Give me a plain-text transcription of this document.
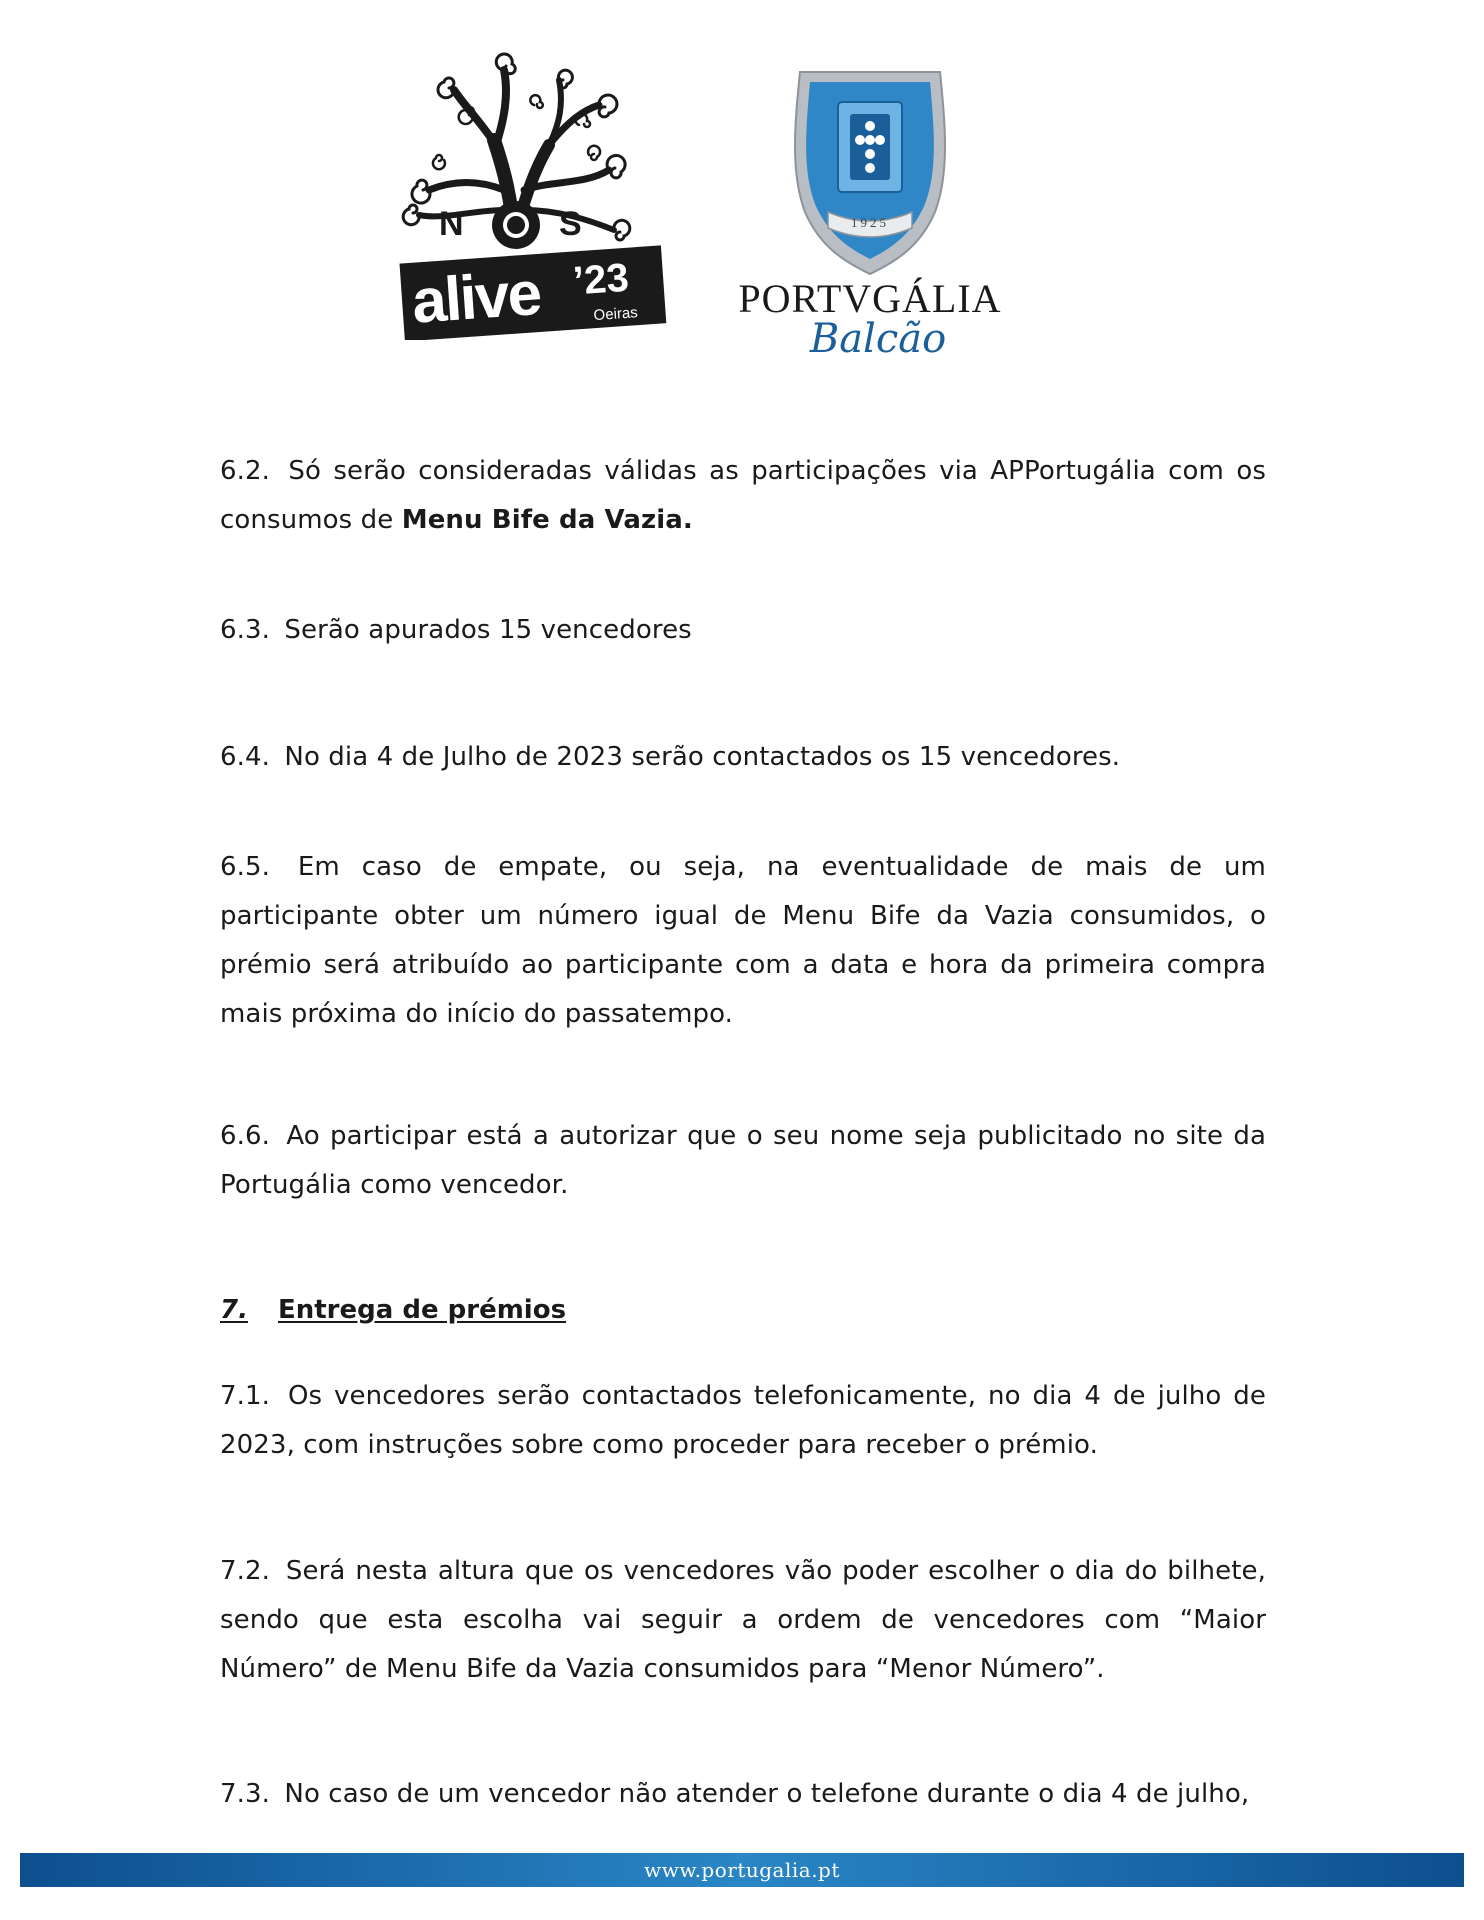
N	S
alive ’23
Oeiras
1925
PORTVGÁLIA
Balcão

6.2. Só serão consideradas válidas as participações via APPortugália com os consumos de Menu Bife da Vazia.

6.3. Serão apurados 15 vencedores

6.4. No dia 4 de Julho de 2023 serão contactados os 15 vencedores.

6.5. Em caso de empate, ou seja, na eventualidade de mais de um participante obter um número igual de Menu Bife da Vazia consumidos, o prémio será atribuído ao participante com a data e hora da primeira compra mais próxima do início do passatempo.

6.6. Ao participar está a autorizar que o seu nome seja publicitado no site da Portugália como vencedor.

7. Entrega de prémios

7.1. Os vencedores serão contactados telefonicamente, no dia 4 de julho de 2023, com instruções sobre como proceder para receber o prémio.

7.2. Será nesta altura que os vencedores vão poder escolher o dia do bilhete, sendo que esta escolha vai seguir a ordem de vencedores com “Maior Número” de Menu Bife da Vazia consumidos para “Menor Número”.

7.3. No caso de um vencedor não atender o telefone durante o dia 4 de julho,

www.portugalia.pt
